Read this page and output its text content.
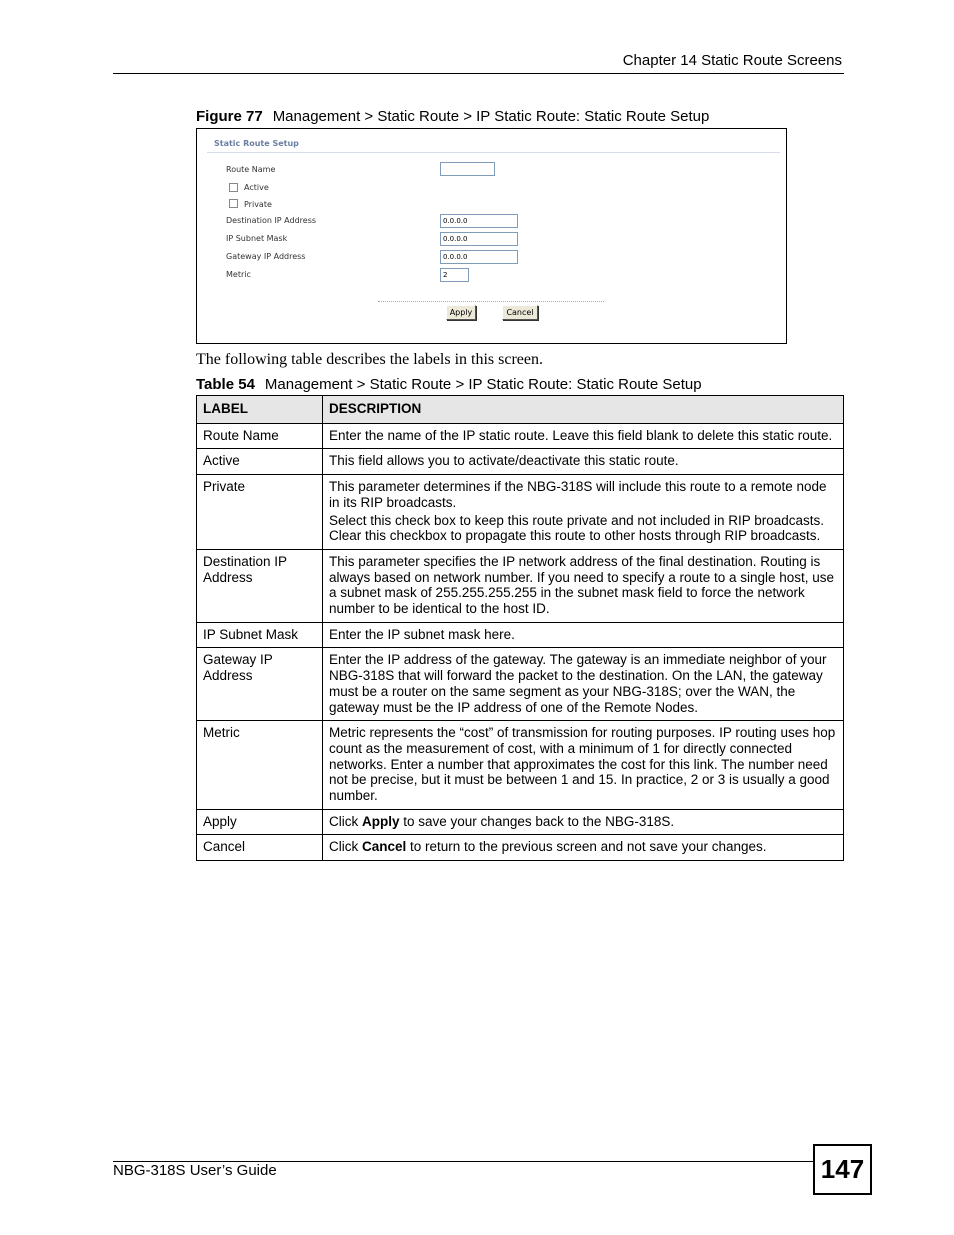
Chapter 14 Static Route Screens
Figure 77 Management > Static Route > IP Static Route: Static Route Setup
Static Route Setup
Route Name
Active
Private
Destination IP Address	0.0.0.0
IP Subnet Mask	0.0.0.0
Gateway IP Address	0.0.0.0
Metric	2
Apply	Cancel
The following table describes the labels in this screen.
Table 54 Management > Static Route > IP Static Route: Static Route Setup
LABEL	DESCRIPTION
Route Name	Enter the name of the IP static route. Leave this field blank to delete this static route.
Active	This field allows you to activate/deactivate this static route.
Private	This parameter determines if the NBG-318S will include this route to a remote node in its RIP broadcasts.
Select this check box to keep this route private and not included in RIP broadcasts. Clear this checkbox to propagate this route to other hosts through RIP broadcasts.

Destination IP Address	This parameter specifies the IP network address of the final destination. Routing is always based on network number. If you need to specify a route to a single host, use a subnet mask of 255.255.255.255 in the subnet mask field to force the network number to be identical to the host ID.
IP Subnet Mask	Enter the IP subnet mask here.
Gateway IP Address	Enter the IP address of the gateway. The gateway is an immediate neighbor of your NBG-318S that will forward the packet to the destination. On the LAN, the gateway must be a router on the same segment as your NBG-318S; over the WAN, the gateway must be the IP address of one of the Remote Nodes.
Metric	Metric represents the “cost” of transmission for routing purposes. IP routing uses hop count as the measurement of cost, with a minimum of 1 for directly connected networks. Enter a number that approximates the cost for this link. The number need not be precise, but it must be between 1 and 15. In practice, 2 or 3 is usually a good number.
Apply	Click Apply to save your changes back to the NBG-318S.
Cancel	Click Cancel to return to the previous screen and not save your changes.
NBG-318S User’s Guide	147
